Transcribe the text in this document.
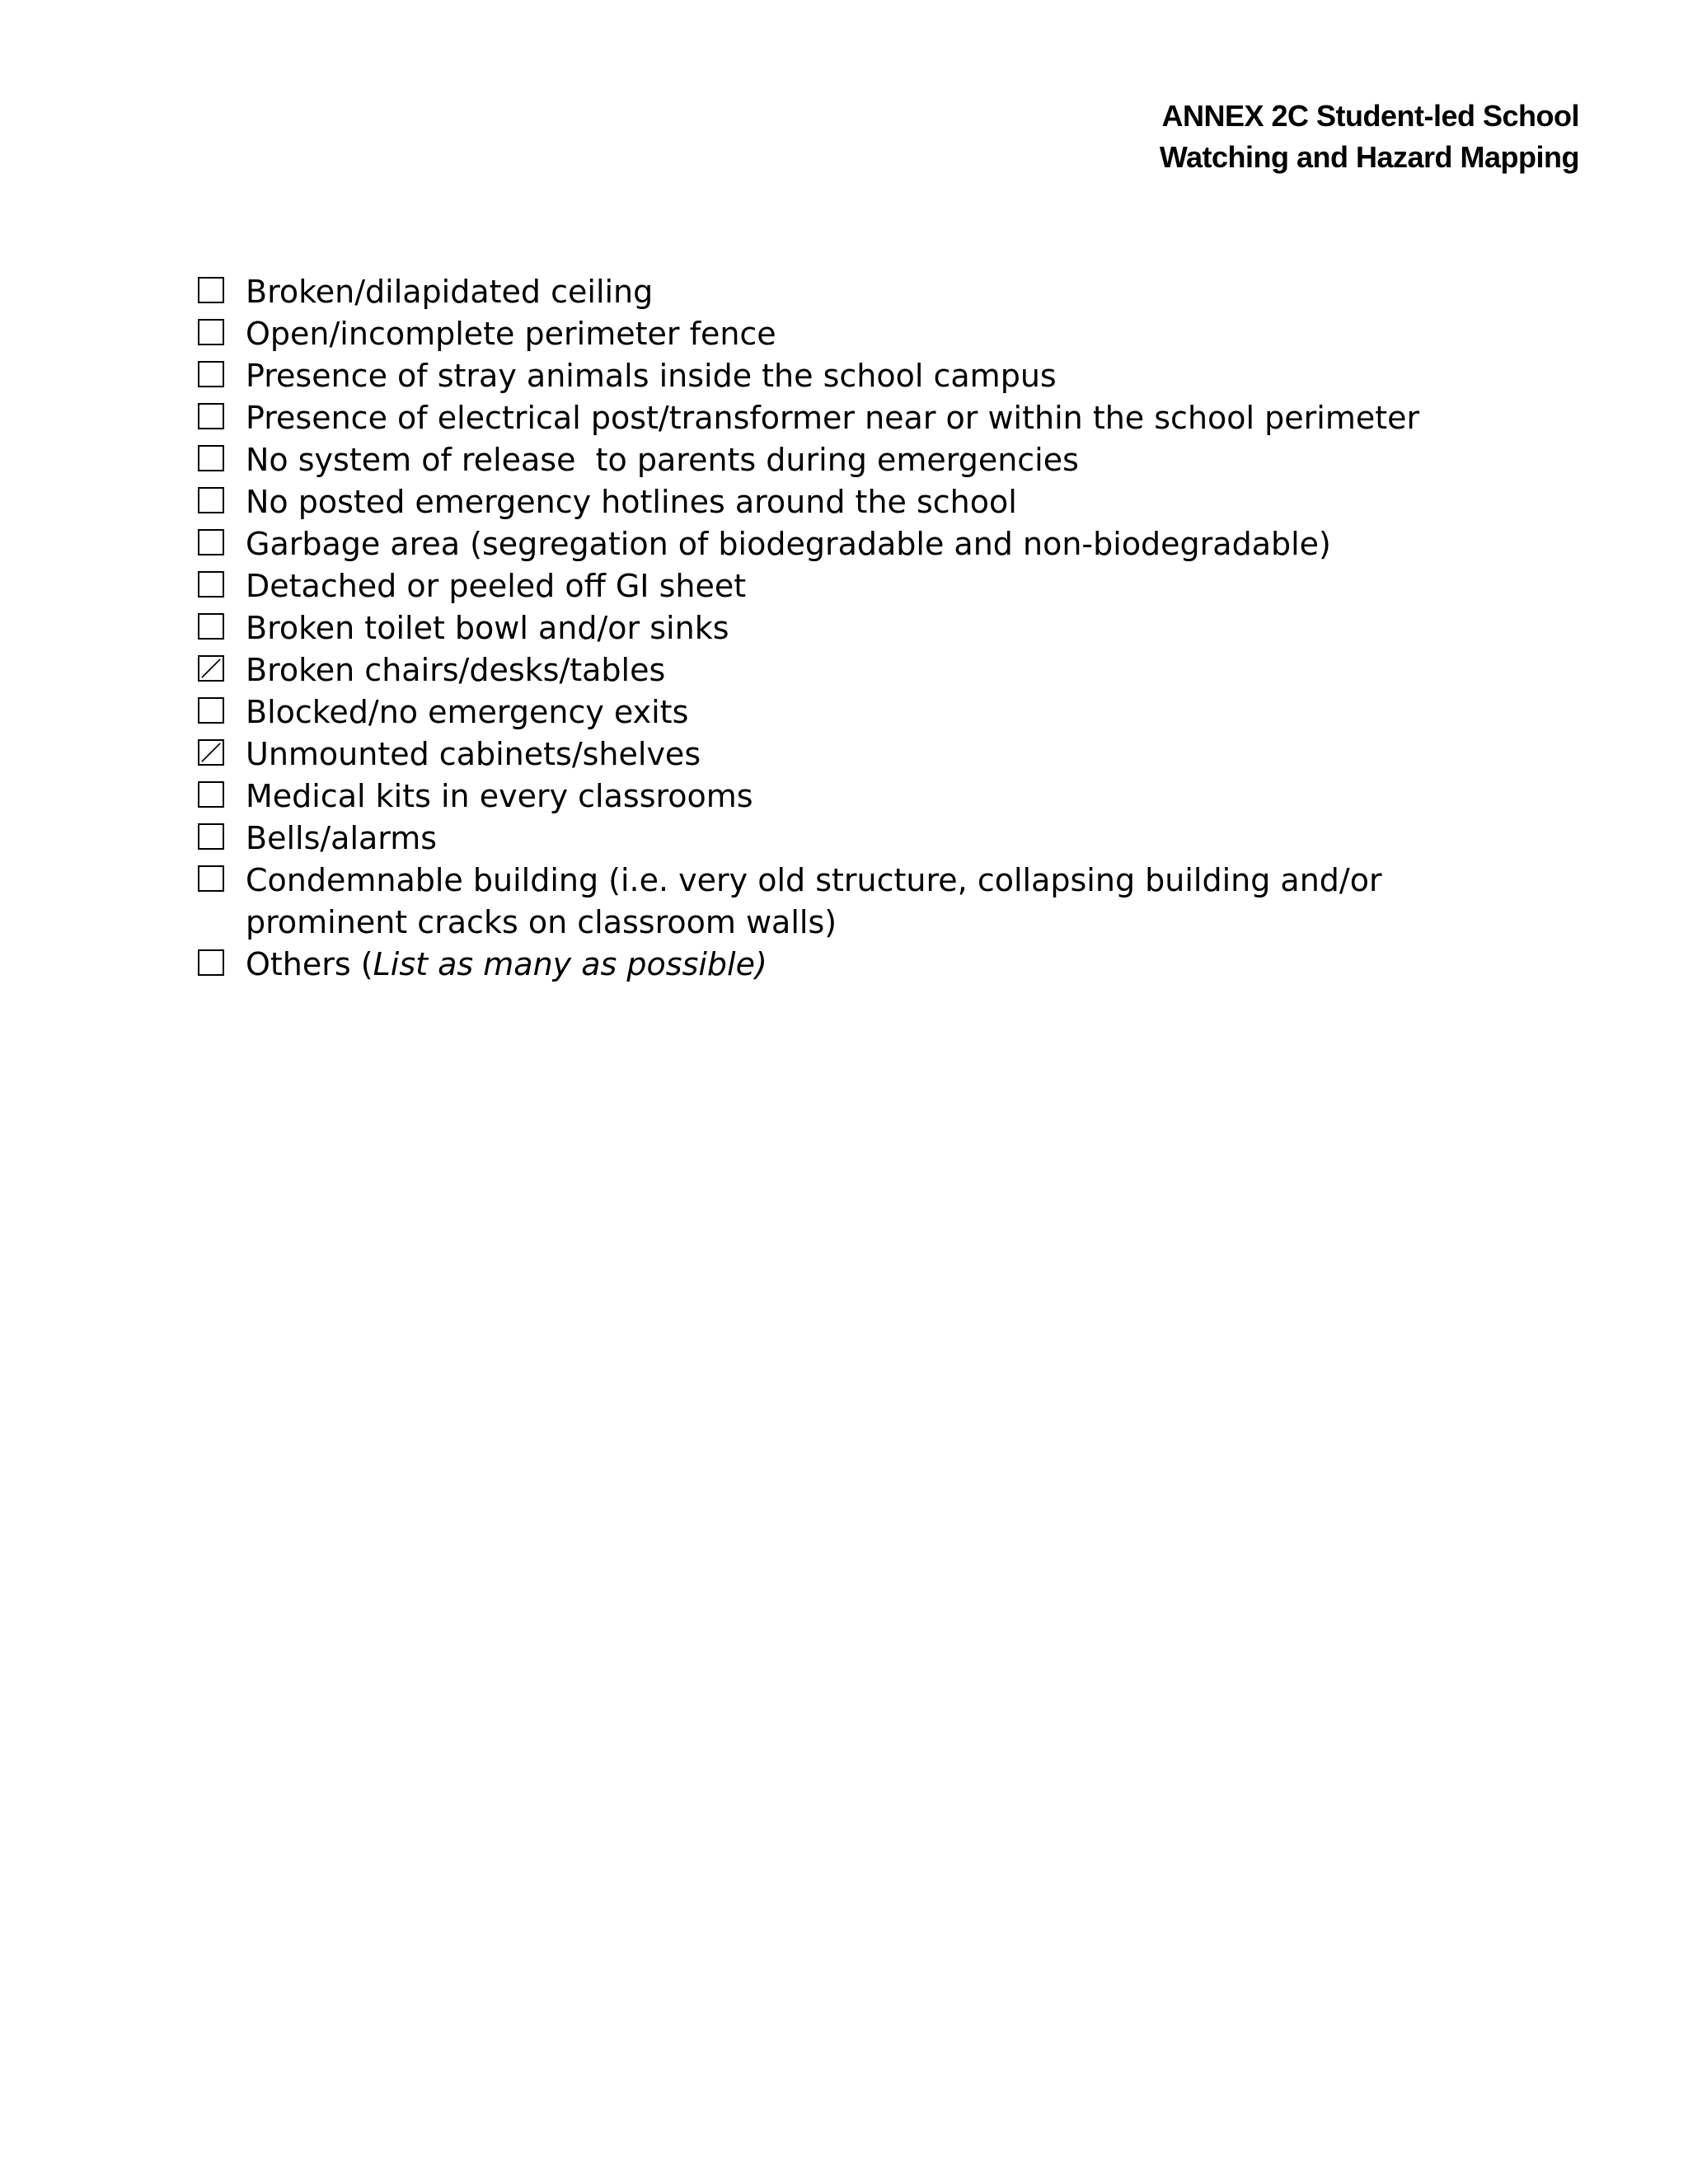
ANNEX 2C Student-led School
Watching and Hazard Mapping
Broken/dilapidated ceiling
Open/incomplete perimeter fence
Presence of stray animals inside the school campus
Presence of electrical post/transformer near or within the school perimeter
No system of release  to parents during emergencies
No posted emergency hotlines around the school
Garbage area (segregation of biodegradable and non-biodegradable)
Detached or peeled off GI sheet
Broken toilet bowl and/or sinks
Broken chairs/desks/tables
Blocked/no emergency exits
Unmounted cabinets/shelves
Medical kits in every classrooms
Bells/alarms
Condemnable building (i.e. very old structure, collapsing building and/or prominent cracks on classroom walls)
Others (List as many as possible)
